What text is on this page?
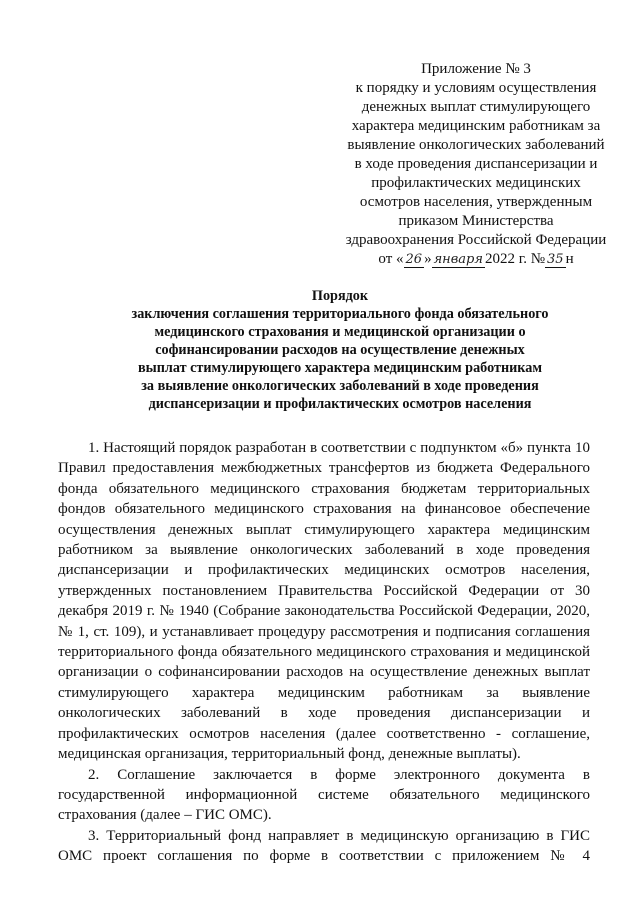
Приложение № 3
к порядку и условиям осуществления денежных выплат стимулирующего характера медицинским работникам за выявление онкологических заболеваний в ходе проведения диспансеризации и профилактических медицинских осмотров населения, утвержденным приказом Министерства здравоохранения Российской Федерации
от « 26 » января 2022 г. № 35 н
Порядок
заключения соглашения территориального фонда обязательного медицинского страхования и медицинской организации о софинансировании расходов на осуществление денежных выплат стимулирующего характера медицинским работникам за выявление онкологических заболеваний в ходе проведения диспансеризации и профилактических осмотров населения

1. Настоящий порядок разработан в соответствии с подпунктом «б» пункта 10 Правил предоставления межбюджетных трансфертов из бюджета Федерального фонда обязательного медицинского страхования бюджетам территориальных фондов обязательного медицинского страхования на финансовое обеспечение осуществления денежных выплат стимулирующего характера медицинским работником за выявление онкологических заболеваний в ходе проведения диспансеризации и профилактических медицинских осмотров населения, утвержденных постановлением Правительства Российской Федерации от 30 декабря 2019 г. № 1940 (Собрание законодательства Российской Федерации, 2020, № 1, ст. 109), и устанавливает процедуру рассмотрения и подписания соглашения территориального фонда обязательного медицинского страхования и медицинской организации о софинансировании расходов на осуществление денежных выплат стимулирующего характера медицинским работникам за выявление онкологических заболеваний в ходе проведения диспансеризации и профилактических осмотров населения (далее соответственно - соглашение, медицинская организация, территориальный фонд, денежные выплаты).

2. Соглашение заключается в форме электронного документа в государственной информационной системе обязательного медицинского страхования (далее – ГИС ОМС).

3. Территориальный фонд направляет в медицинскую организацию в ГИС ОМС проект соглашения по форме в соответствии с приложением № 4
